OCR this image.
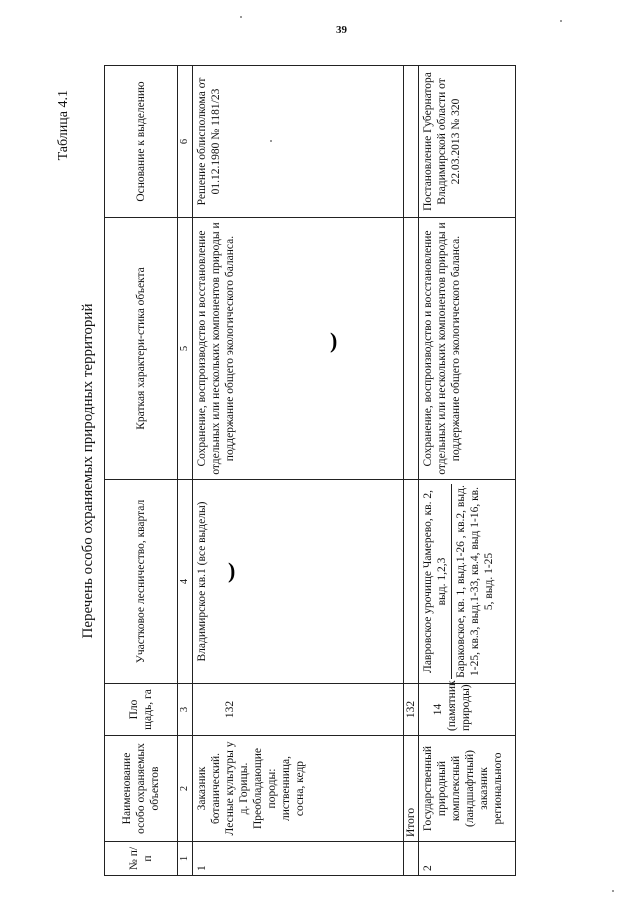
39
)
)
Таблица 4.1
Перечень особо охраняемых природных территорий
№ п/п	Наименование особо охраняемых объектов	Пло щадь, га	Участковое лесничество, квартал	Краткая характери-стика объекта	Основание к выделению
1	2	3	4	5	6
1	Заказник ботанический. Лесные культуры у д. Горицы. Преобладающие породы: лиственница, сосна, кедр	132	Владимирское кв.1 (все выделы)	Сохранение, воспроизводство и восстановление отдельных или нескольких компонентов природы и поддержание общего экологического баланса.	Решение облисполкома от 01.12.1980 № 1181/23
	Итого	132			
2	Государственный природный комплексный (ландшафтный) заказник регионального	14 (памятник природы)	Лавровское урочище Чамерево, кв. 2, выд. 1,2,3 Бараковское, кв. 1, выд.1-26 , кв.2, выд. 1-25, кв.3, выд.1-33, кв.4, выд 1-16, кв. 5, выд. 1-25	Сохранение, воспроизводство и восстановление отдельных или нескольких компонентов природы и поддержание общего экологического баланса.	Постановление Губернатора Владимирской области от 22.03.2013 № 320
